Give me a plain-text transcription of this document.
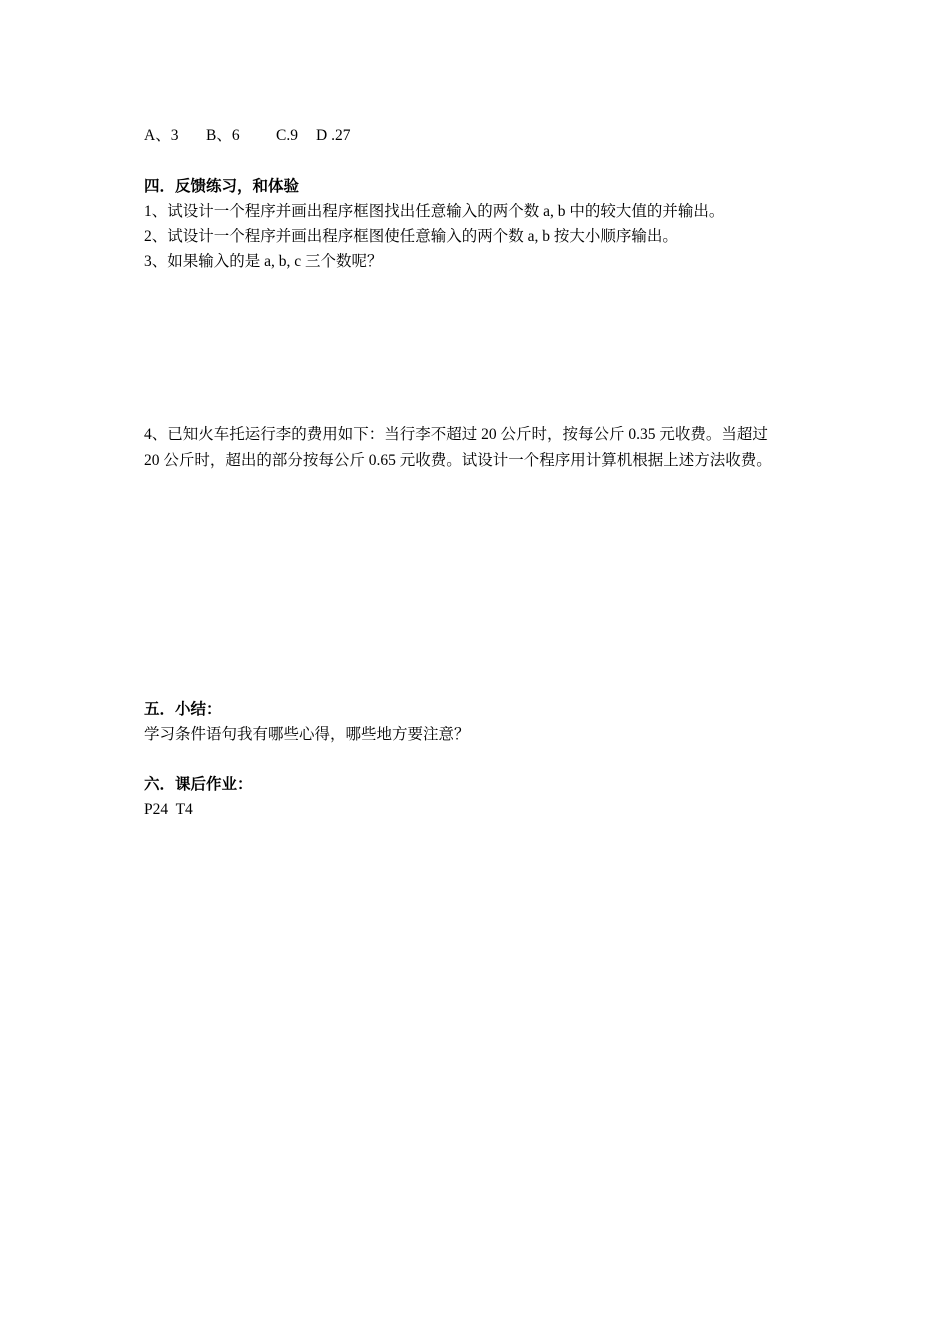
A、3 B、6 C.9 D .27
四．反馈练习，和体验
1、试设计一个程序并画出程序框图找出任意输入的两个数 a, b 中的较大值的并输出。
2、试设计一个程序并画出程序框图使任意输入的两个数 a, b 按大小顺序输出。
3、如果输入的是 a, b, c 三个数呢？
4、已知火车托运行李的费用如下：当行李不超过 20 公斤时，按每公斤 0.35 元收费。当超过
20 公斤时，超出的部分按每公斤 0.65 元收费。试设计一个程序用计算机根据上述方法收费。
五．小结：
学习条件语句我有哪些心得，哪些地方要注意？
六．课后作业：
P24  T4
